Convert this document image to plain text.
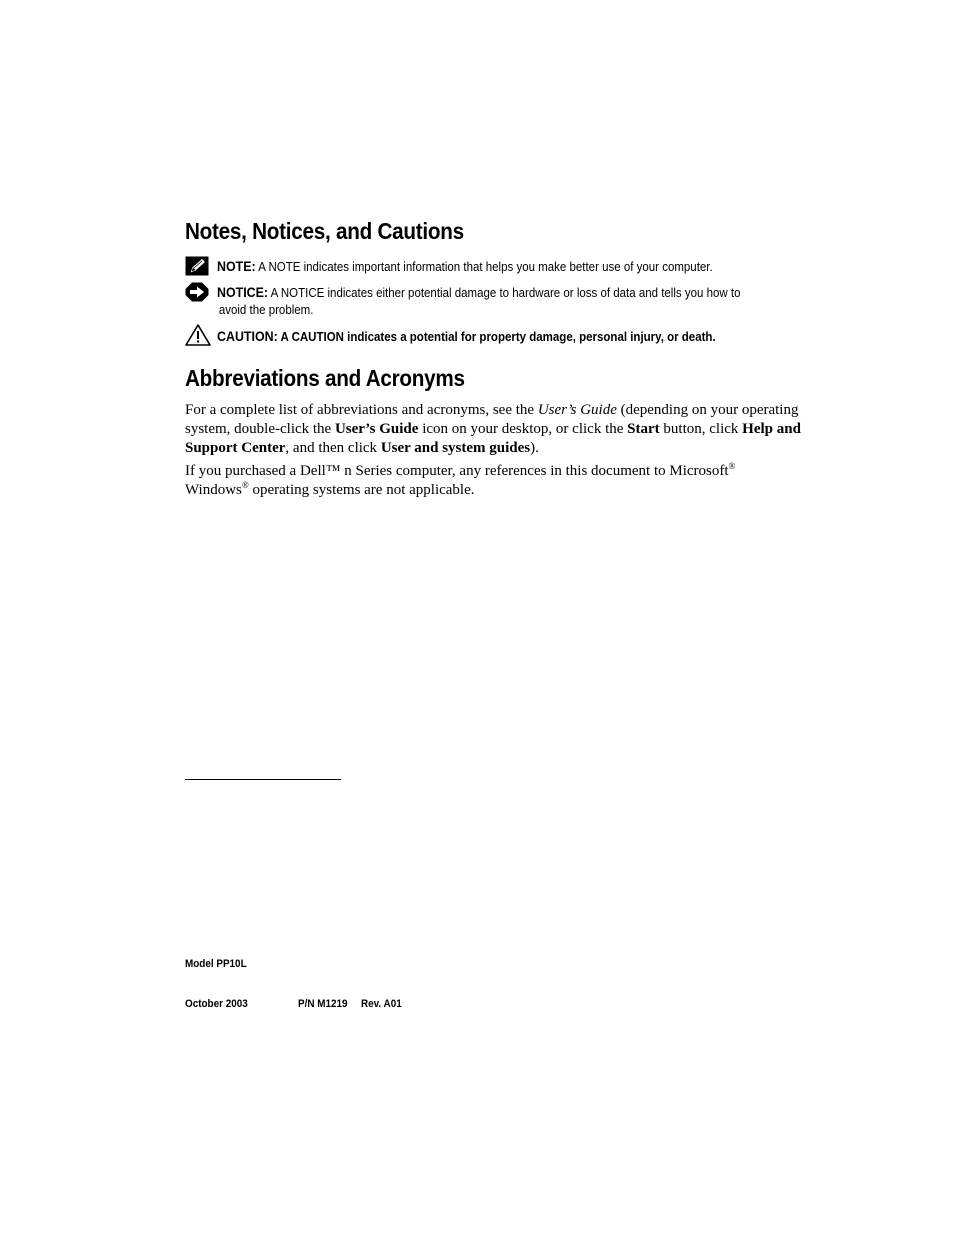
Notes, Notices, and Cautions
NOTE: A NOTE indicates important information that helps you make better use of your computer.
NOTICE: A NOTICE indicates either potential damage to hardware or loss of data and tells you how to
avoid the problem.
CAUTION: A CAUTION indicates a potential for property damage, personal injury, or death.
Abbreviations and Acronyms

For a complete list of abbreviations and acronyms, see the User’s Guide (depending on your operating system, double-click the User’s Guide icon on your desktop, or click the Start button, click Help and Support Center, and then click User and system guides).

If you purchased a Dell™ n Series computer, any references in this document to Microsoft®
Windows® operating systems are not applicable.

Model PP10L
October 2003	P/N M1219 Rev. A01
